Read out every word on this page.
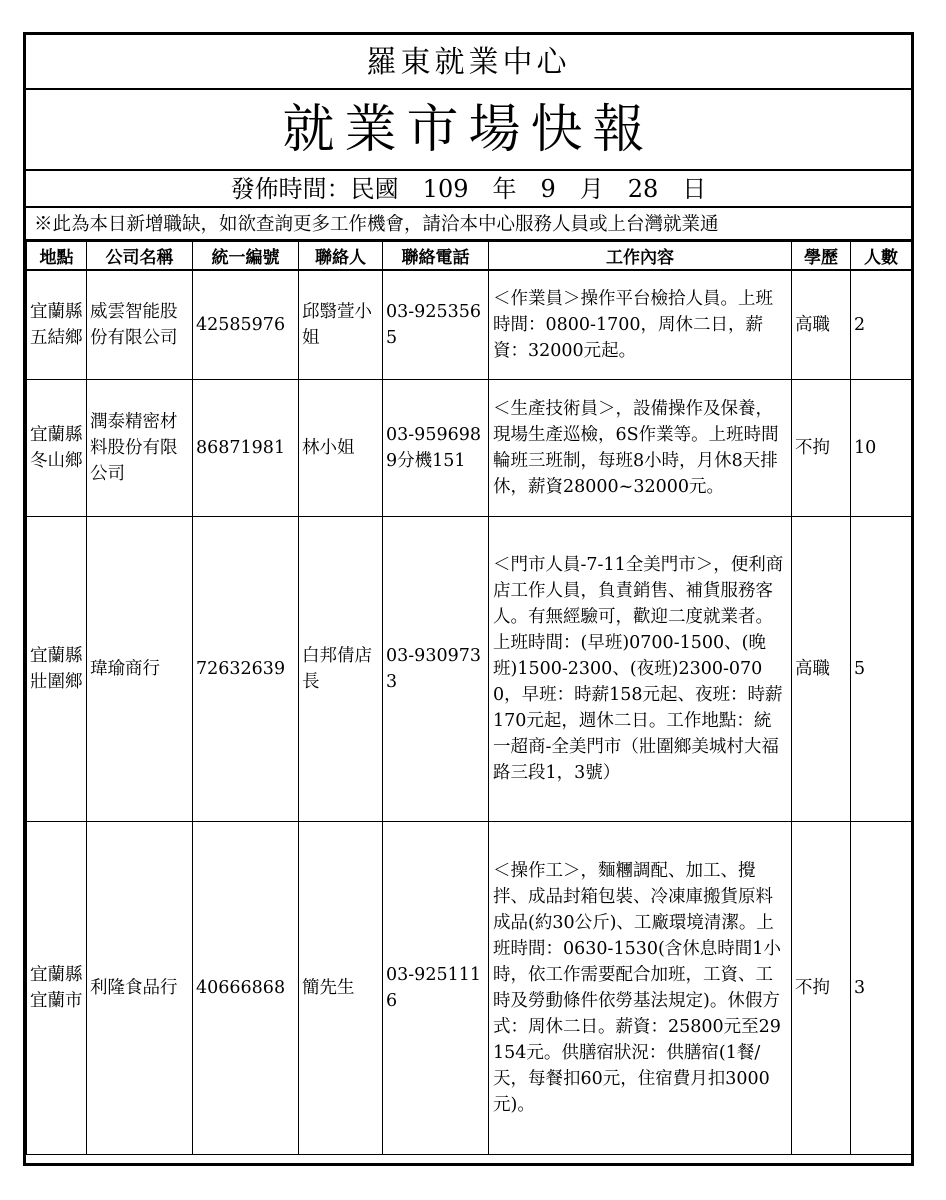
羅東就業中心
就業市場快報
發佈時間：民國　109　年　9　月　28　日
※此為本日新增職缺，如欲查詢更多工作機會，請洽本中心服務人員或上台灣就業通
地點	公司名稱	統一編號	聯絡人	聯絡電話	工作內容	學歷	人數
宜蘭縣五結鄉	威雲智能股份有限公司	42585976	邱翳萱小姐	03-9253565	＜作業員＞操作平台檢拾人員。上班時間：0800-1700，周休二日，薪資：32000元起。	高職	2
宜蘭縣冬山鄉	潤泰精密材料股份有限公司	86871981	林小姐	03-9596989分機151	＜生產技術員＞，設備操作及保養，現場生產巡檢，6S作業等。上班時間輪班三班制，每班8小時，月休8天排休，薪資28000~32000元。	不拘	10
宜蘭縣壯圍鄉	瑋瑜商行	72632639	白邦倩店長	03-9309733	＜門市人員-7-11全美門市＞，便利商店工作人員，負責銷售、補貨服務客人。有無經驗可，歡迎二度就業者。上班時間：(早班)0700-1500、(晚班)1500-2300、(夜班)2300-0700，早班：時薪158元起、夜班：時薪170元起，週休二日。工作地點：統一超商-全美門市（壯圍鄉美城村大福路三段1，3號）	高職	5
宜蘭縣宜蘭市	利隆食品行	40666868	簡先生	03-9251116	＜操作工＞，麵糰調配、加工、攪拌、成品封箱包裝、冷凍庫搬貨原料成品(約30公斤)、工廠環境清潔。上班時間：0630-1530(含休息時間1小時，依工作需要配合加班，工資、工時及勞動條件依勞基法規定)。休假方式：周休二日。薪資：25800元至29154元。供膳宿狀況：供膳宿(1餐/天，每餐扣60元，住宿費月扣3000元)。	不拘	3
